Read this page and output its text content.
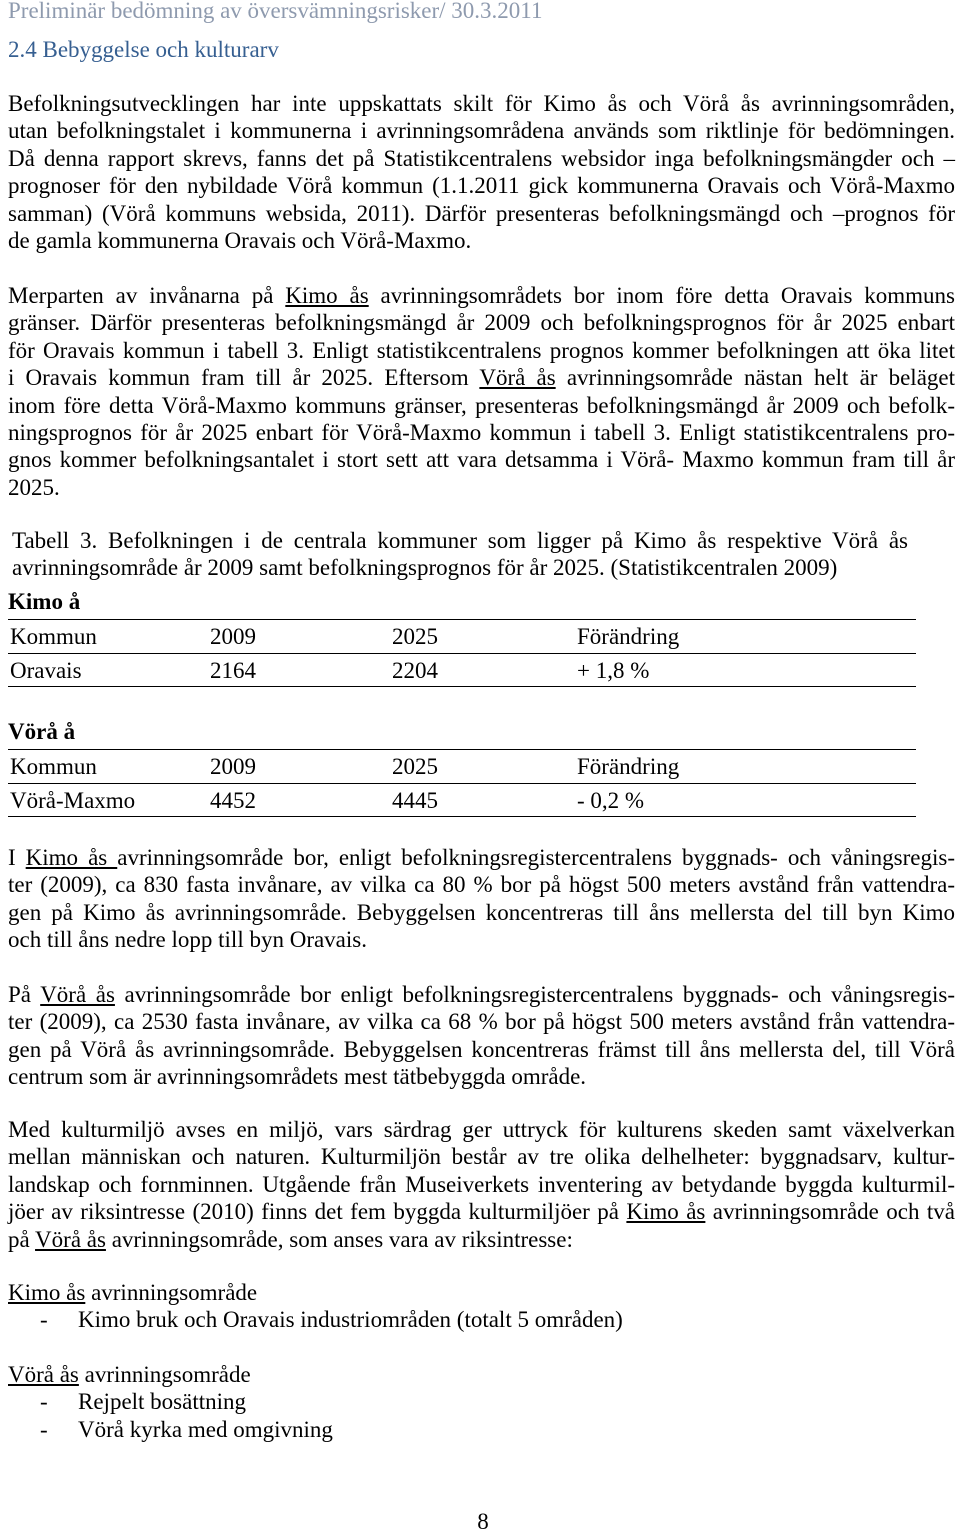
Preliminär bedömning av översvämningsrisker/ 30.3.2011
2.4 Bebyggelse och kulturarv
Befolkningsutvecklingen har inte uppskattats skilt för Kimo ås och Vörå ås avrinningsområden,
utan befolkningstalet i kommunerna i avrinningsområdena används som riktlinje för bedömningen.
Då denna rapport skrevs, fanns det på Statistikcentralens websidor inga befolkningsmängder och –
prognoser för den nybildade Vörå kommun (1.1.2011 gick kommunerna Oravais och Vörå-Maxmo
samman) (Vörå kommuns websida, 2011). Därför presenteras befolkningsmängd och –prognos för
de gamla kommunerna Oravais och Vörå-Maxmo.
Merparten av invånarna på Kimo ås avrinningsområdets bor inom före detta Oravais kommuns
gränser. Därför presenteras befolkningsmängd år 2009 och befolkningsprognos för år 2025 enbart
för Oravais kommun i tabell 3. Enligt statistikcentralens prognos kommer befolkningen att öka litet
i Oravais kommun fram till år 2025. Eftersom Vörå ås avrinningsområde nästan helt är beläget
inom före detta Vörå-Maxmo kommuns gränser, presenteras befolkningsmängd år 2009 och befolk-
ningsprognos för år 2025 enbart för Vörå-Maxmo kommun i tabell 3. Enligt statistikcentralens pro-
gnos kommer befolkningsantalet i stort sett att vara detsamma i Vörå- Maxmo kommun fram till år
2025.
Tabell 3. Befolkningen i de centrala kommuner som ligger på Kimo ås respektive Vörå ås
avrinningsområde år 2009 samt befolkningsprognos för år 2025. (Statistikcentralen 2009)
Kimo å
Kommun	2009	2025	Förändring
Oravais	2164	2204	+ 1,8 %
Vörå å
Kommun	2009	2025	Förändring
Vörå-Maxmo	4452	4445	- 0,2 %
I Kimo ås avrinningsområde bor, enligt befolkningsregistercentralens byggnads- och våningsregis-
ter (2009), ca 830 fasta invånare, av vilka ca 80 % bor på högst 500 meters avstånd från vattendra-
gen på Kimo ås avrinningsområde. Bebyggelsen koncentreras till åns mellersta del till byn Kimo
och till åns nedre lopp till byn Oravais.
På Vörå ås avrinningsområde bor enligt befolkningsregistercentralens byggnads- och våningsregis-
ter (2009), ca 2530 fasta invånare, av vilka ca 68 % bor på högst 500 meters avstånd från vattendra-
gen på Vörå ås avrinningsområde. Bebyggelsen koncentreras främst till åns mellersta del, till Vörå
centrum som är avrinningsområdets mest tätbebyggda område.
Med kulturmiljö avses en miljö, vars särdrag ger uttryck för kulturens skeden samt växelverkan
mellan människan och naturen. Kulturmiljön består av tre olika delhelheter: byggnadsarv, kultur-
landskap och fornminnen. Utgående från Museiverkets inventering av betydande byggda kulturmil-
jöer av riksintresse (2010) finns det fem byggda kulturmiljöer på Kimo ås avrinningsområde och två
på Vörå ås avrinningsområde, som anses vara av riksintresse:
Kimo ås avrinningsområde
- Kimo bruk och Oravais industriområden (totalt 5 områden)
Vörå ås avrinningsområde
- Rejpelt bosättning
- Vörå kyrka med omgivning
8
